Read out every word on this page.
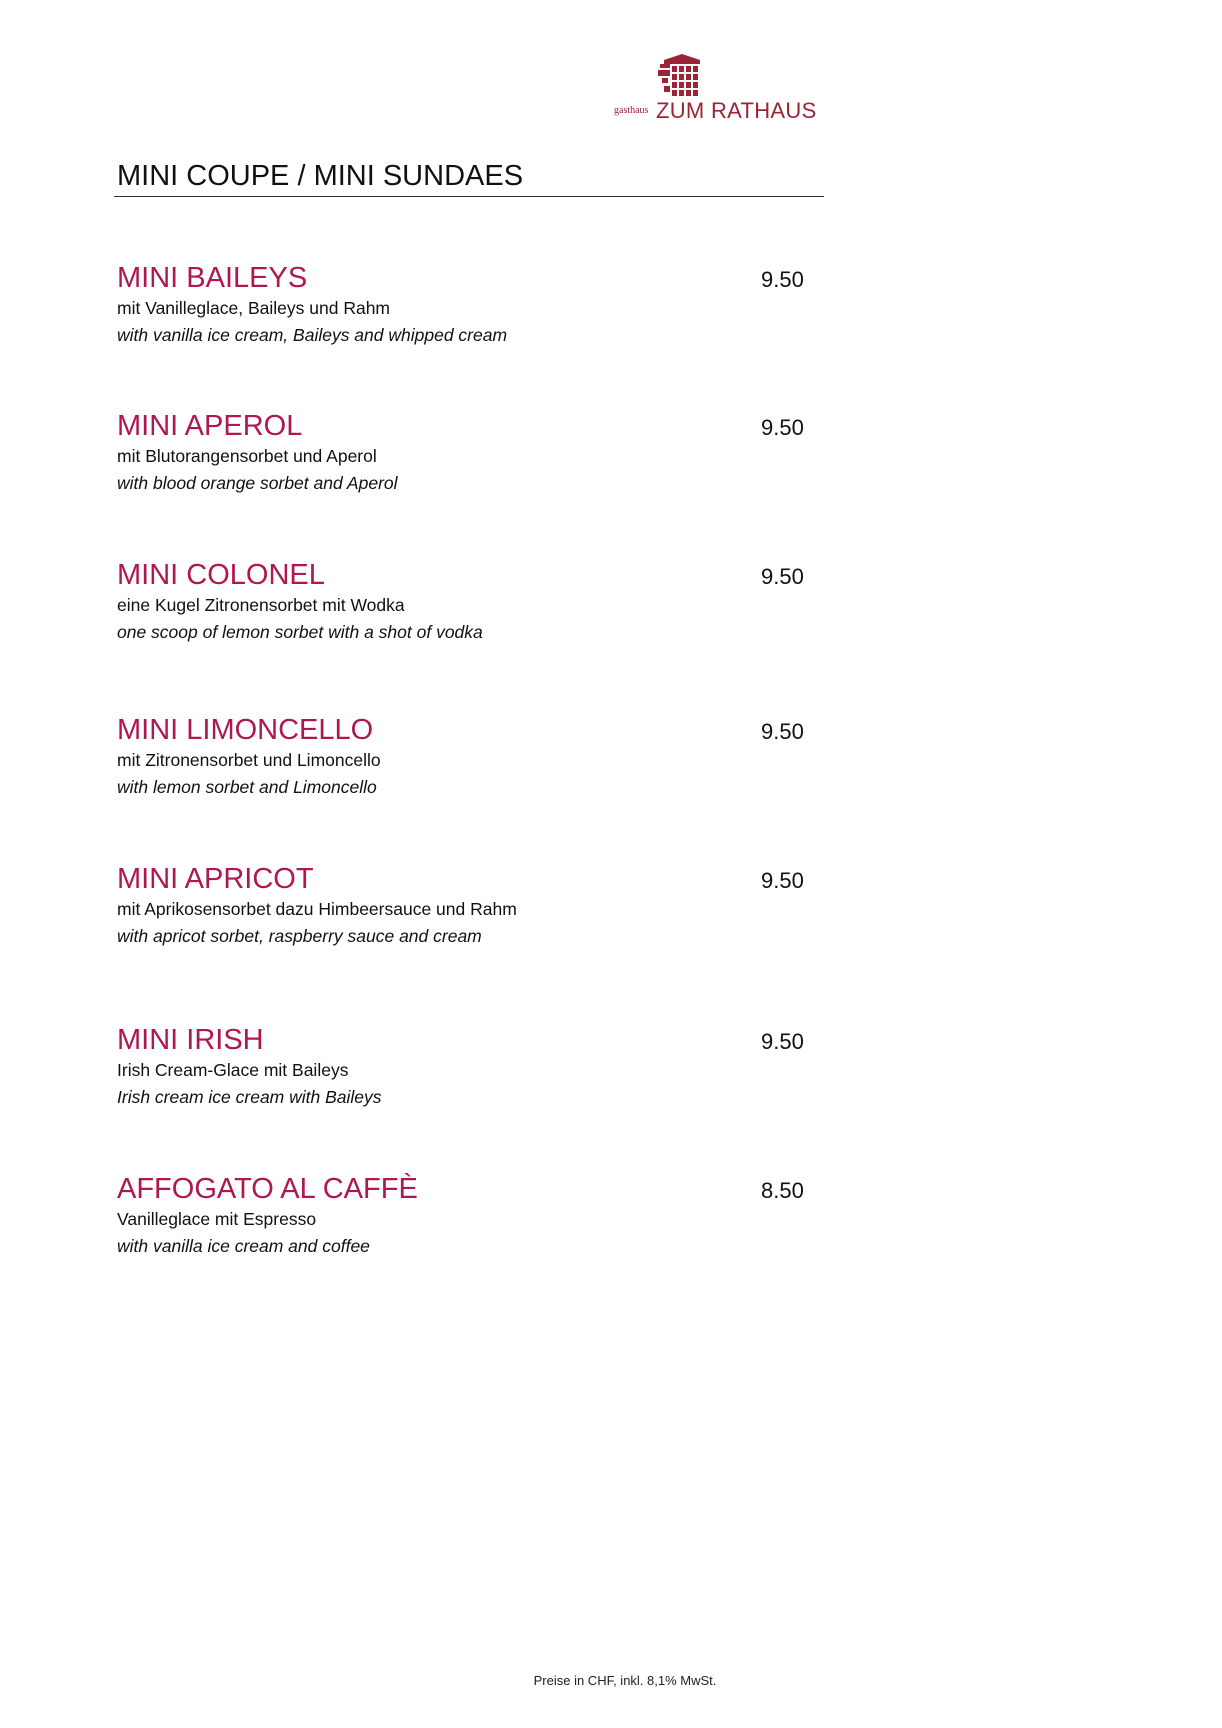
gasthaus ZUM RATHAUS
MINI COUPE / MINI SUNDAES
MINI BAILEYS	9.50
mit Vanilleglace, Baileys und Rahm
with vanilla ice cream, Baileys and whipped cream
MINI APEROL	9.50
mit Blutorangensorbet und Aperol
with blood orange sorbet and Aperol
MINI COLONEL	9.50
eine Kugel Zitronensorbet mit Wodka
one scoop of lemon sorbet with a shot of vodka
MINI LIMONCELLO	9.50
mit Zitronensorbet und Limoncello
with lemon sorbet and Limoncello
MINI APRICOT	9.50
mit Aprikosensorbet dazu Himbeersauce und Rahm
with apricot sorbet, raspberry sauce and cream
MINI IRISH	9.50
Irish Cream-Glace mit Baileys
Irish cream ice cream with Baileys
AFFOGATO AL CAFFÈ	8.50
Vanilleglace mit Espresso
with vanilla ice cream and coffee
Preise in CHF, inkl. 8,1% MwSt.
